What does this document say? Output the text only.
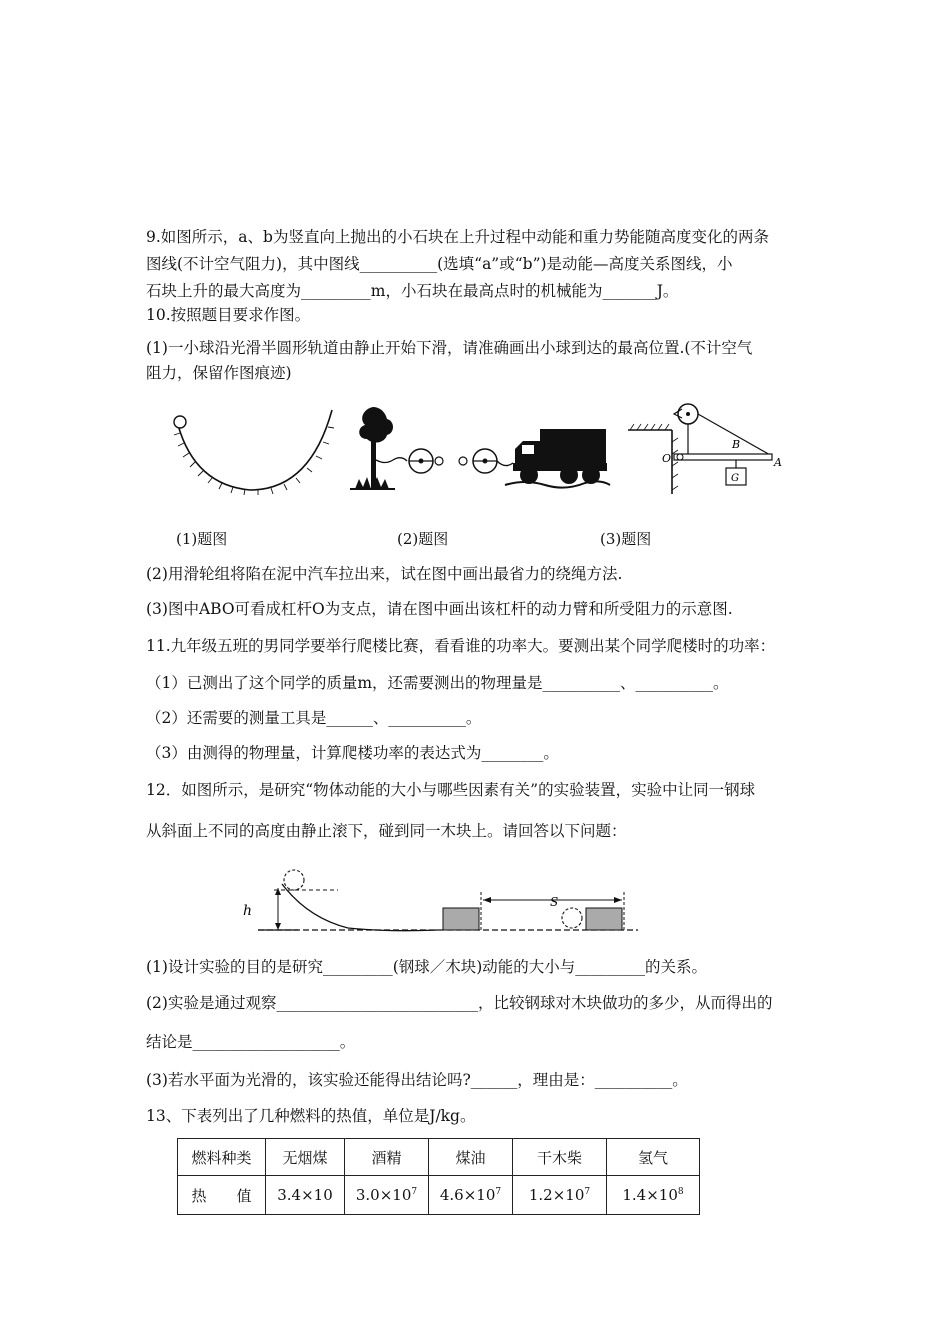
9.如图所示，a、b为竖直向上抛出的小石块在上升过程中动能和重力势能随高度变化的两条
图线(不计空气阻力)，其中图线__________(选填“a”或“b”)是动能—高度关系图线，小
石块上升的最大高度为_________m，小石块在最高点时的机械能为_______J。
10.按照题目要求作图。
(1)一小球沿光滑半圆形轨道由静止开始下滑，请准确画出小球到达的最高位置.(不计空气
阻力，保留作图痕迹)
G
O
B
A
(1)题图	(2)题图	(3)题图
(2)用滑轮组将陷在泥中汽车拉出来，试在图中画出最省力的绕绳方法.
(3)图中ABO可看成杠杆O为支点，请在图中画出该杠杆的动力臂和所受阻力的示意图.
11.九年级五班的男同学要举行爬楼比赛，看看谁的功率大。要测出某个同学爬楼时的功率：
（1）已测出了这个同学的质量m，还需要测出的物理量是__________、__________。
（2）还需要的测量工具是______、__________。
（3）由测得的物理量，计算爬楼功率的表达式为________。
12．如图所示，是研究“物体动能的大小与哪些因素有关”的实验装置，实验中让同一钢球
从斜面上不同的高度由静止滚下，碰到同一木块上。请回答以下问题：
h
S
(1)设计实验的目的是研究_________(钢球／木块)动能的大小与_________的关系。
(2)实验是通过观察__________________________，比较钢球对木块做功的多少，从而得出的
结论是___________________。
(3)若水平面为光滑的，该实验还能得出结论吗?______，理由是：__________。
13、下表列出了几种燃料的热值，单位是J/kg。
燃料种类	无烟煤	酒精	煤油	干木柴	氢气
热　　值	3.4×10	$3.0\times 10^7$	$4.6\times 10^7$	$1.2\times 10^7$	$1.4\times 10^8$
